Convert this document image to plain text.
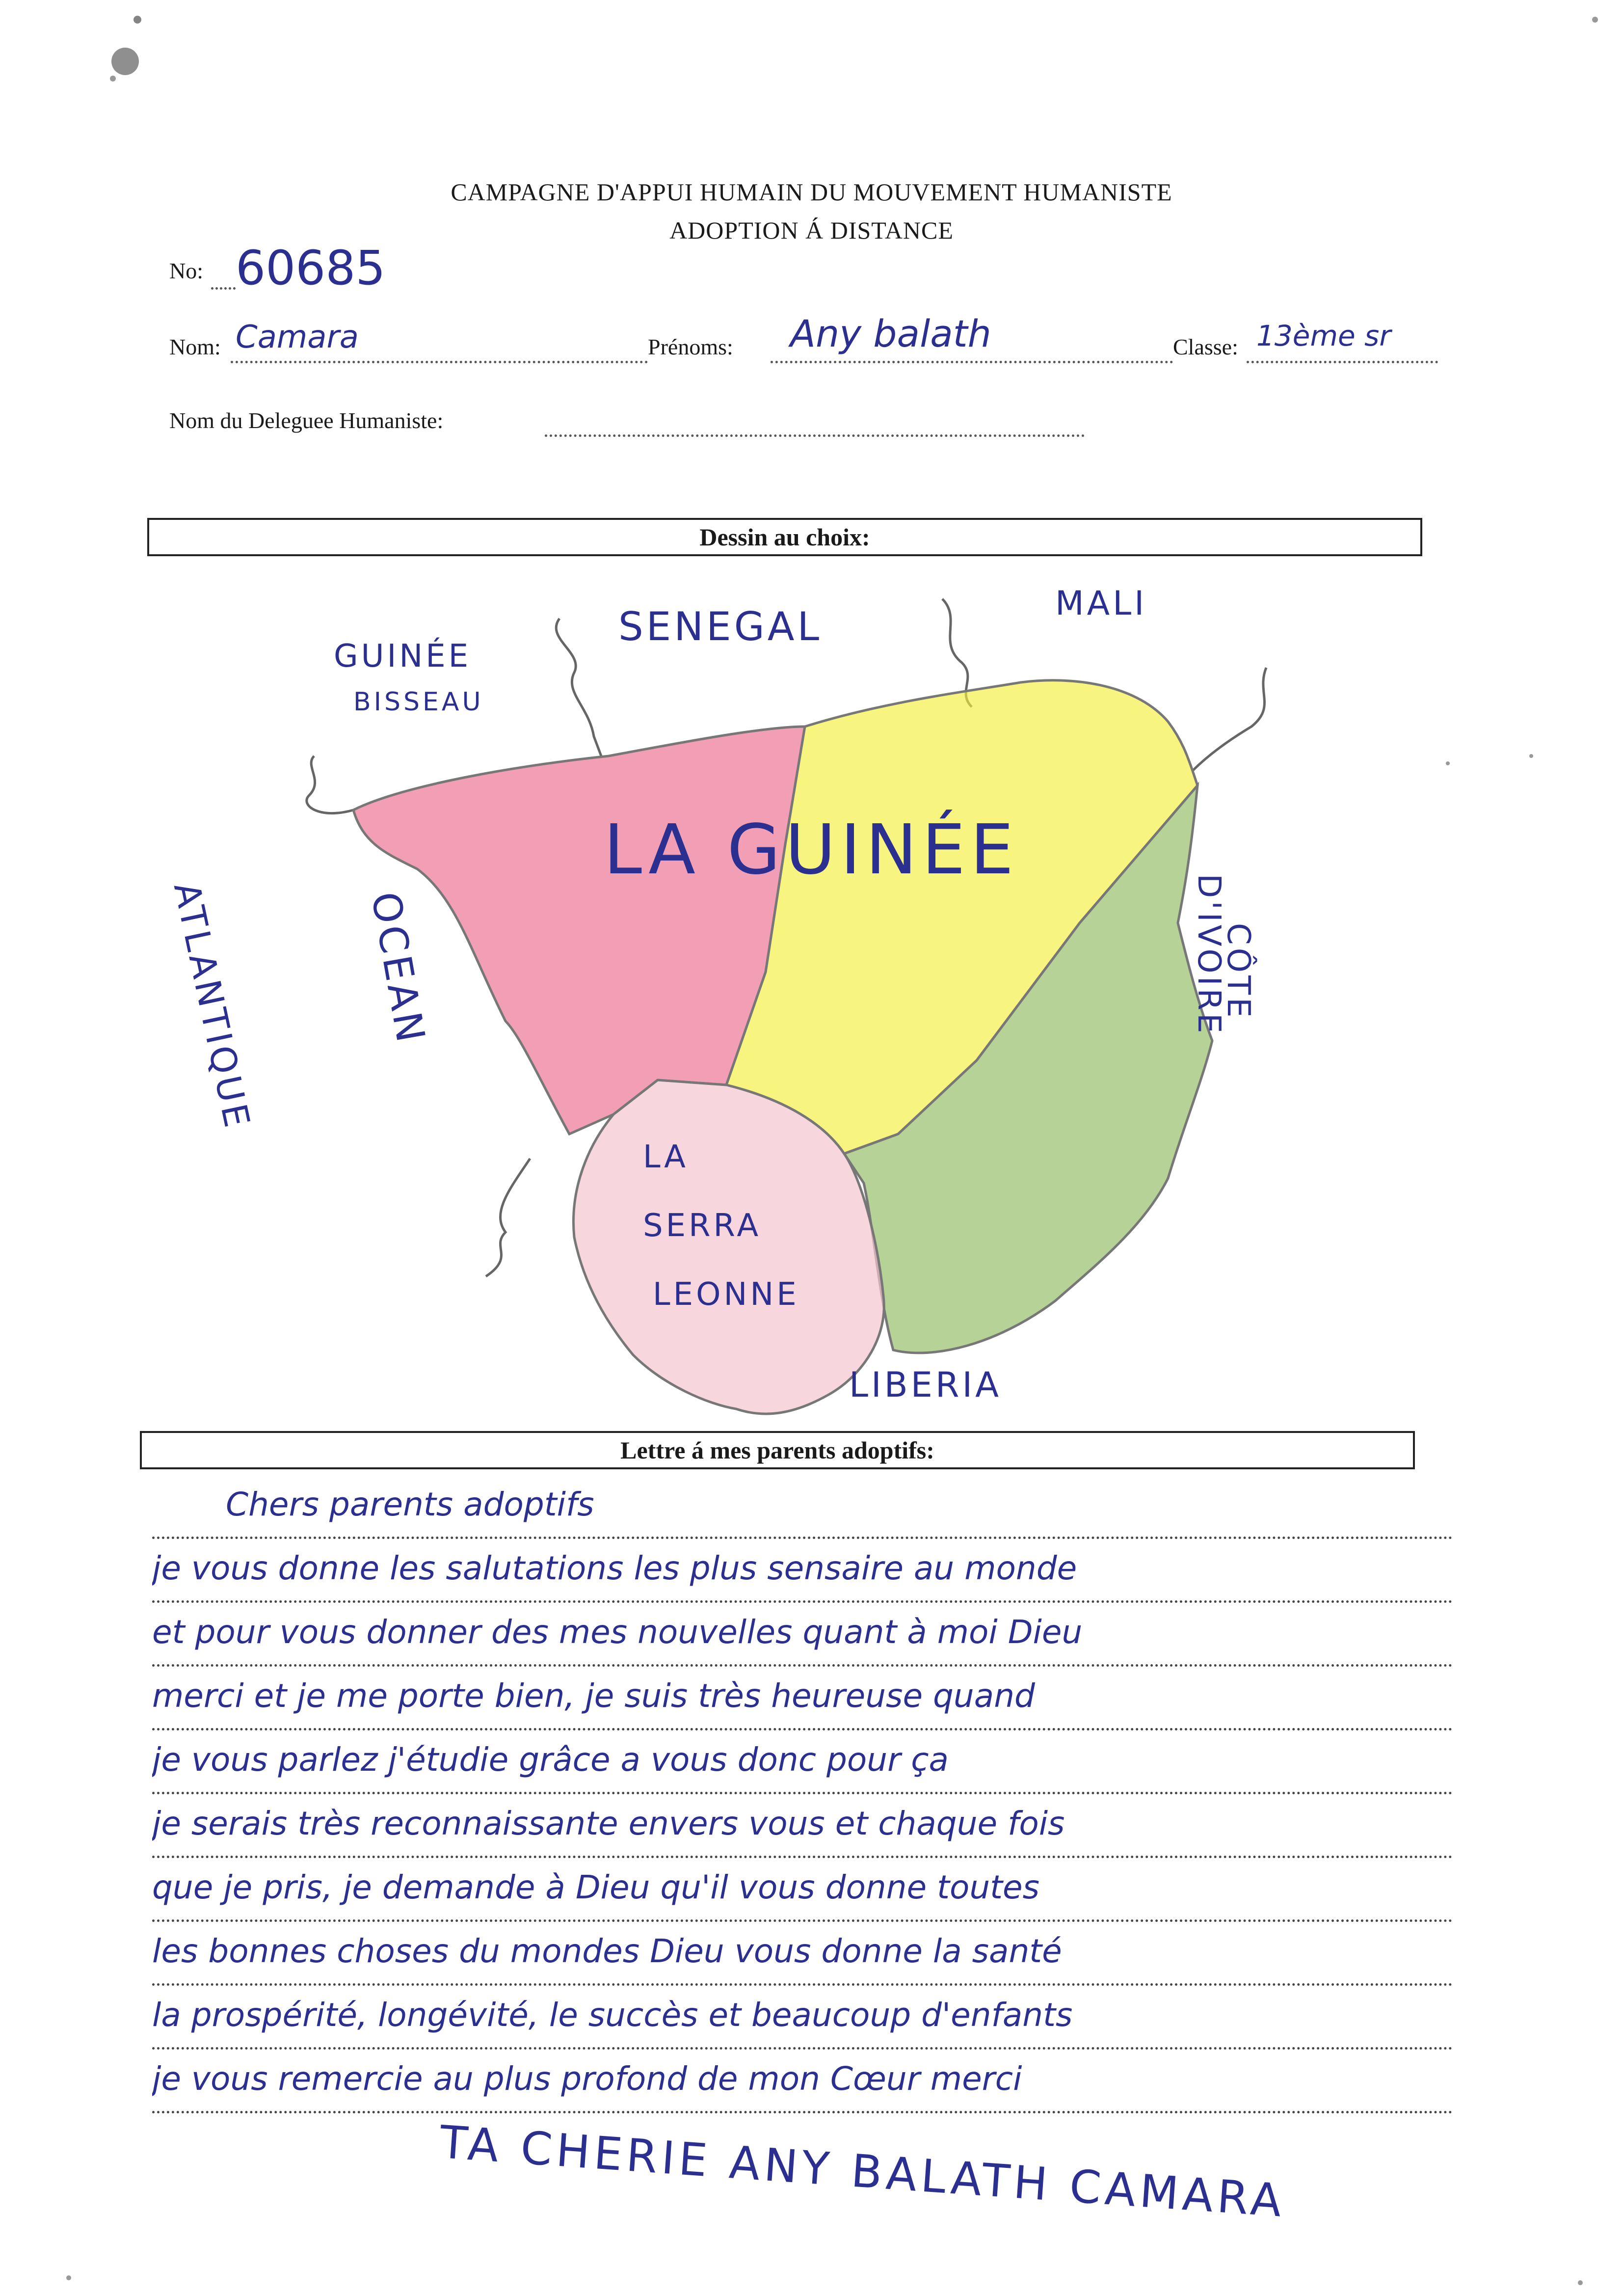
CAMPAGNE D'APPUI HUMAIN DU MOUVEMENT HUMANISTE
ADOPTION Á DISTANCE
No: 60685
Nom: Camara	Prénoms: Any balath	Classe: 13ème sr
Nom du Deleguee Humaniste:
Dessin au choix:
GUINÉE
BISSEAU
SENEGAL
MALI
LA GUINÉE
CÔTE
D'IVOIRE
OCEAN
ATLANTIQUE
LA
SERRA
LEONNE
LIBERIA
Lettre á mes parents adoptifs:
Chers parents adoptifs
je vous donne les salutations les plus sensaire au monde
et pour vous donner des mes nouvelles quant à moi Dieu
merci et je me porte bien, je suis très heureuse quand
je vous parlez j'étudie grâce a vous donc pour ça
je serais très reconnaissante envers vous et chaque fois
que je pris, je demande à Dieu qu'il vous donne toutes
les bonnes choses du mondes Dieu vous donne la santé
la prospérité, longévité, le succès et beaucoup d'enfants
je vous remercie au plus profond de mon Cœur merci
TA CHERIE ANY BALATH CAMARA
